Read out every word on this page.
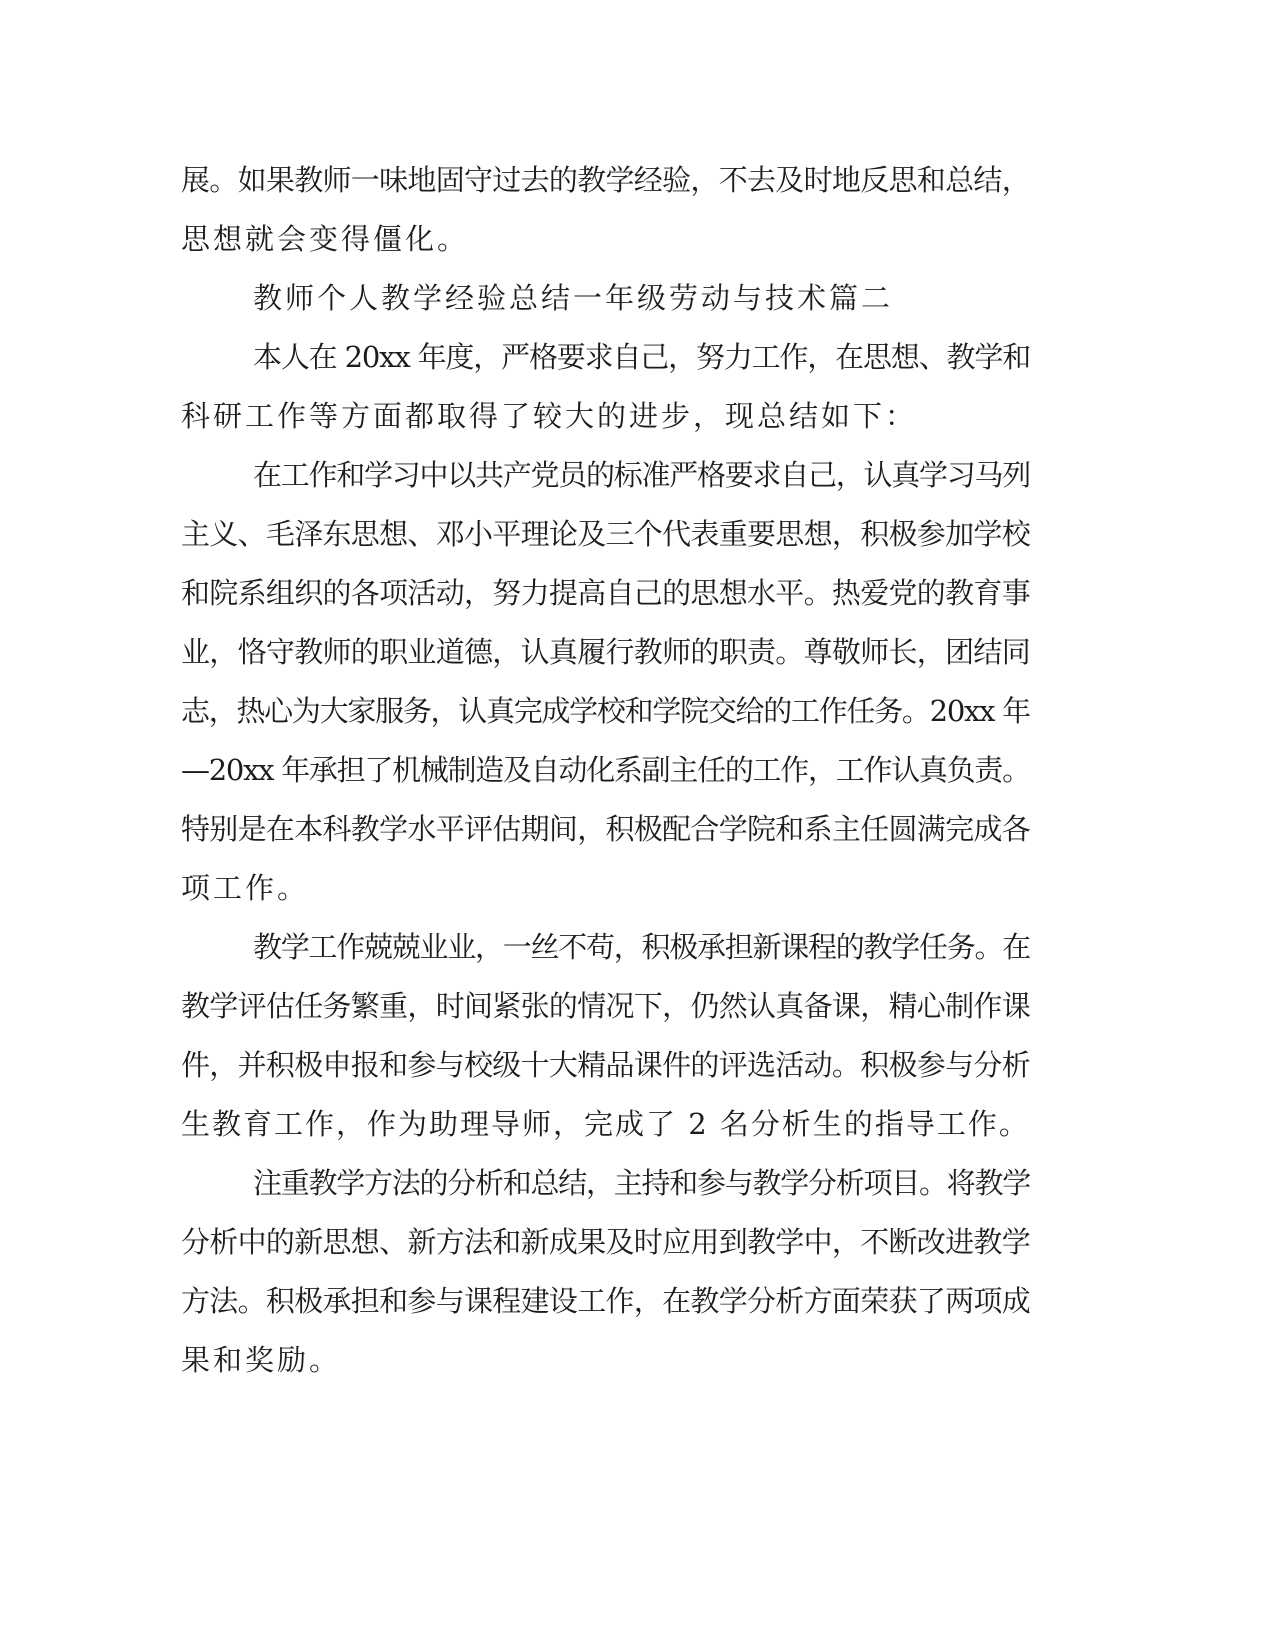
展。如果教师一味地固守过去的教学经验，不去及时地反思和总结，
思想就会变得僵化。
教师个人教学经验总结一年级劳动与技术篇二
本人在 20xx 年度，严格要求自己，努力工作，在思想、教学和
科研工作等方面都取得了较大的进步，现总结如下：
在工作和学习中以共产党员的标准严格要求自己，认真学习马列
主义、毛泽东思想、邓小平理论及三个代表重要思想，积极参加学校
和院系组织的各项活动，努力提高自己的思想水平。热爱党的教育事
业，恪守教师的职业道德，认真履行教师的职责。尊敬师长，团结同
志，热心为大家服务，认真完成学校和学院交给的工作任务。20xx 年
—20xx 年承担了机械制造及自动化系副主任的工作，工作认真负责。
特别是在本科教学水平评估期间，积极配合学院和系主任圆满完成各
项工作。
教学工作兢兢业业，一丝不苟，积极承担新课程的教学任务。在
教学评估任务繁重，时间紧张的情况下，仍然认真备课，精心制作课
件，并积极申报和参与校级十大精品课件的评选活动。积极参与分析
生教育工作，作为助理导师，完成了 2 名分析生的指导工作。
注重教学方法的分析和总结，主持和参与教学分析项目。将教学
分析中的新思想、新方法和新成果及时应用到教学中，不断改进教学
方法。积极承担和参与课程建设工作，在教学分析方面荣获了两项成
果和奖励。
